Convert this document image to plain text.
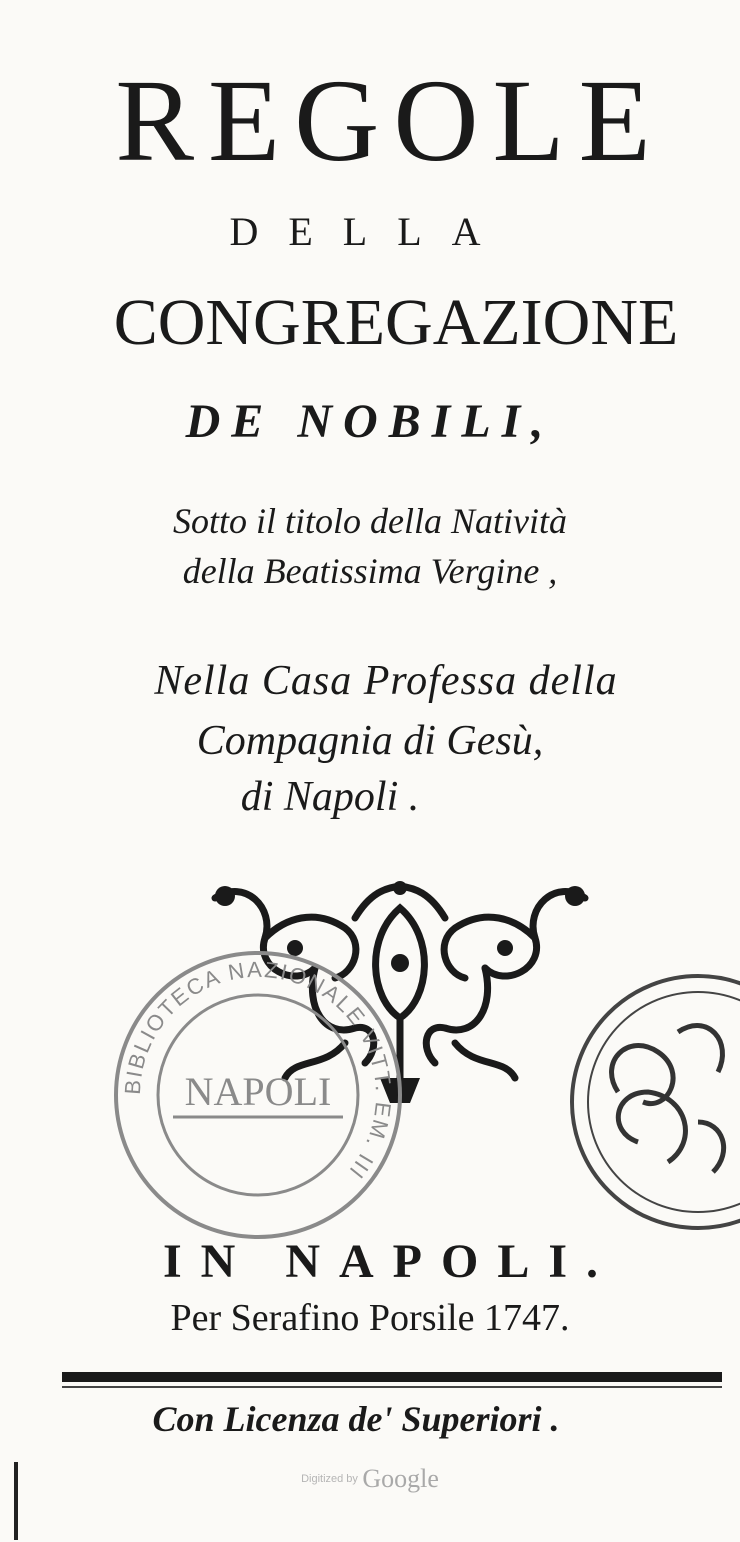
REGOLE
DELLA
CONGREGAZIONE
DE NOBILI,
Sotto il titolo della Natività
della Beatissima Vergine ,
Nella Casa Professa della
Compagnia di Gesù,
di Napoli .
BIBLIOTECA NAZIONALE VITT. EM. III
NAPOLI
IN NAPOLI.
Per Serafino Porsile 1747.
Con Licenza de' Superiori .
Digitized by Google
